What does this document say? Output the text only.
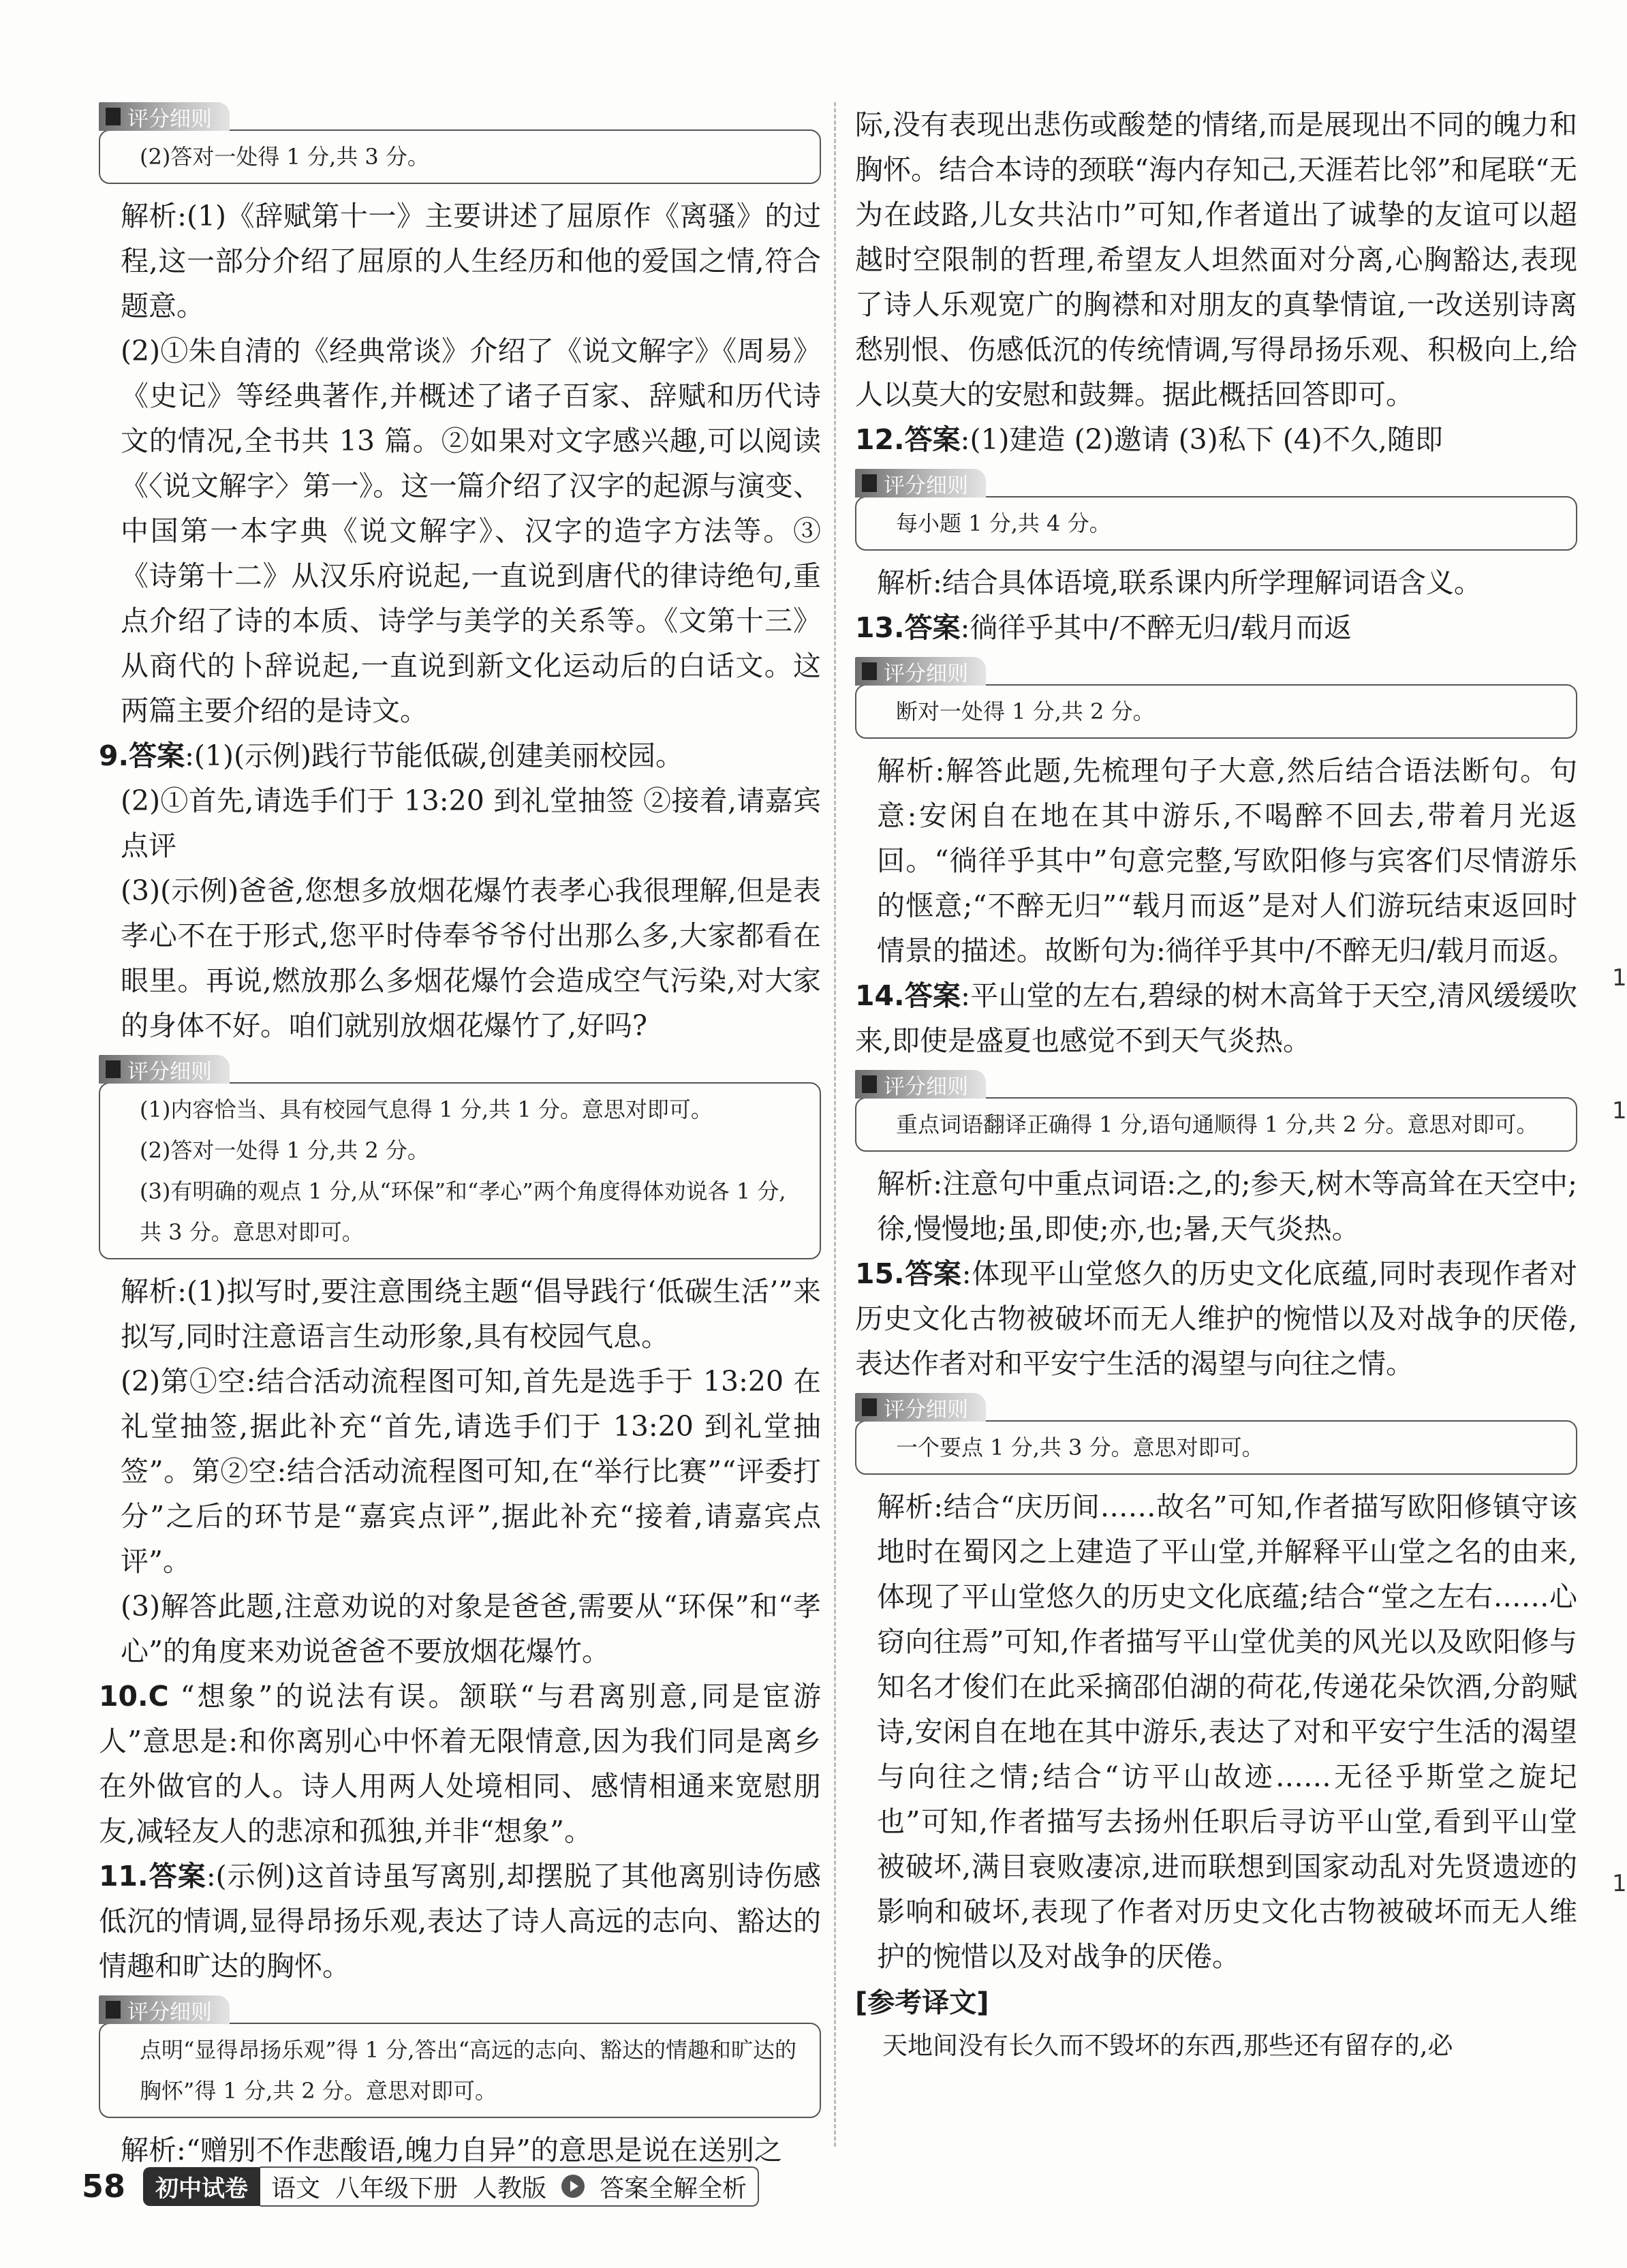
评分细则
(2)答对一处得 1 分,共 3 分。
解析:(1)《辞赋第十一》主要讲述了屈原作《离骚》的过程,这一部分介绍了屈原的人生经历和他的爱国之情,符合题意。
(2)①朱自清的《经典常谈》介绍了《说文解字》《周易》《史记》等经典著作,并概述了诸子百家、辞赋和历代诗文的情况,全书共 13 篇。②如果对文字感兴趣,可以阅读《〈说文解字〉第一》。这一篇介绍了汉字的起源与演变、中国第一本字典《说文解字》、汉字的造字方法等。③《诗第十二》从汉乐府说起,一直说到唐代的律诗绝句,重点介绍了诗的本质、诗学与美学的关系等。《文第十三》从商代的卜辞说起,一直说到新文化运动后的白话文。这两篇主要介绍的是诗文。
9.答案:(1)(示例)践行节能低碳,创建美丽校园。
(2)①首先,请选手们于 13:20 到礼堂抽签 ②接着,请嘉宾点评
(3)(示例)爸爸,您想多放烟花爆竹表孝心我很理解,但是表孝心不在于形式,您平时侍奉爷爷付出那么多,大家都看在眼里。再说,燃放那么多烟花爆竹会造成空气污染,对大家的身体不好。咱们就别放烟花爆竹了,好吗?
评分细则
(1)内容恰当、具有校园气息得 1 分,共 1 分。意思对即可。
(2)答对一处得 1 分,共 2 分。
(3)有明确的观点 1 分,从“环保”和“孝心”两个角度得体劝说各 1 分,共 3 分。意思对即可。
解析:(1)拟写时,要注意围绕主题“倡导践行‘低碳生活’”来拟写,同时注意语言生动形象,具有校园气息。
(2)第①空:结合活动流程图可知,首先是选手于 13:20 在礼堂抽签,据此补充“首先,请选手们于 13:20 到礼堂抽签”。第②空:结合活动流程图可知,在“举行比赛”“评委打分”之后的环节是“嘉宾点评”,据此补充“接着,请嘉宾点评”。
(3)解答此题,注意劝说的对象是爸爸,需要从“环保”和“孝心”的角度来劝说爸爸不要放烟花爆竹。
10.C “想象”的说法有误。颔联“与君离别意,同是宦游人”意思是:和你离别心中怀着无限情意,因为我们同是离乡在外做官的人。诗人用两人处境相同、感情相通来宽慰朋友,减轻友人的悲凉和孤独,并非“想象”。
11.答案:(示例)这首诗虽写离别,却摆脱了其他离别诗伤感低沉的情调,显得昂扬乐观,表达了诗人高远的志向、豁达的情趣和旷达的胸怀。
评分细则
点明“显得昂扬乐观”得 1 分,答出“高远的志向、豁达的情趣和旷达的胸怀”得 1 分,共 2 分。意思对即可。
解析:“赠别不作悲酸语,魄力自异”的意思是说在送别之
际,没有表现出悲伤或酸楚的情绪,而是展现出不同的魄力和胸怀。结合本诗的颈联“海内存知己,天涯若比邻”和尾联“无为在歧路,儿女共沾巾”可知,作者道出了诚挚的友谊可以超越时空限制的哲理,希望友人坦然面对分离,心胸豁达,表现了诗人乐观宽广的胸襟和对朋友的真挚情谊,一改送别诗离愁别恨、伤感低沉的传统情调,写得昂扬乐观、积极向上,给人以莫大的安慰和鼓舞。据此概括回答即可。
12.答案:(1)建造 (2)邀请 (3)私下 (4)不久,随即
评分细则
每小题 1 分,共 4 分。
解析:结合具体语境,联系课内所学理解词语含义。
13.答案:徜徉乎其中/不醉无归/载月而返
评分细则
断对一处得 1 分,共 2 分。
解析:解答此题,先梳理句子大意,然后结合语法断句。句意:安闲自在地在其中游乐,不喝醉不回去,带着月光返回。“徜徉乎其中”句意完整,写欧阳修与宾客们尽情游乐的惬意;“不醉无归”“载月而返”是对人们游玩结束返回时情景的描述。故断句为:徜徉乎其中/不醉无归/载月而返。
14.答案:平山堂的左右,碧绿的树木高耸于天空,清风缓缓吹来,即使是盛夏也感觉不到天气炎热。
评分细则
重点词语翻译正确得 1 分,语句通顺得 1 分,共 2 分。意思对即可。
解析:注意句中重点词语:之,的;参天,树木等高耸在天空中;徐,慢慢地;虽,即使;亦,也;暑,天气炎热。
15.答案:体现平山堂悠久的历史文化底蕴,同时表现作者对历史文化古物被破坏而无人维护的惋惜以及对战争的厌倦,表达作者对和平安宁生活的渴望与向往之情。
评分细则
一个要点 1 分,共 3 分。意思对即可。
解析:结合“庆历间……故名”可知,作者描写欧阳修镇守该地时在蜀冈之上建造了平山堂,并解释平山堂之名的由来,体现了平山堂悠久的历史文化底蕴;结合“堂之左右……心窃向往焉”可知,作者描写平山堂优美的风光以及欧阳修与知名才俊们在此采摘邵伯湖的荷花,传递花朵饮酒,分韵赋诗,安闲自在地在其中游乐,表达了对和平安宁生活的渴望与向往之情;结合“访平山故迹……无径乎斯堂之旋圮也”可知,作者描写去扬州任职后寻访平山堂,看到平山堂被破坏,满目衰败凄凉,进而联想到国家动乱对先贤遗迹的影响和破坏,表现了作者对历史文化古物被破坏而无人维护的惋惜以及对战争的厌倦。
[参考译文]
天地间没有长久而不毁坏的东西,那些还有留存的,必
58	初中试卷 语文 八年级下册 人教版 答案全解全析
1
1
1
